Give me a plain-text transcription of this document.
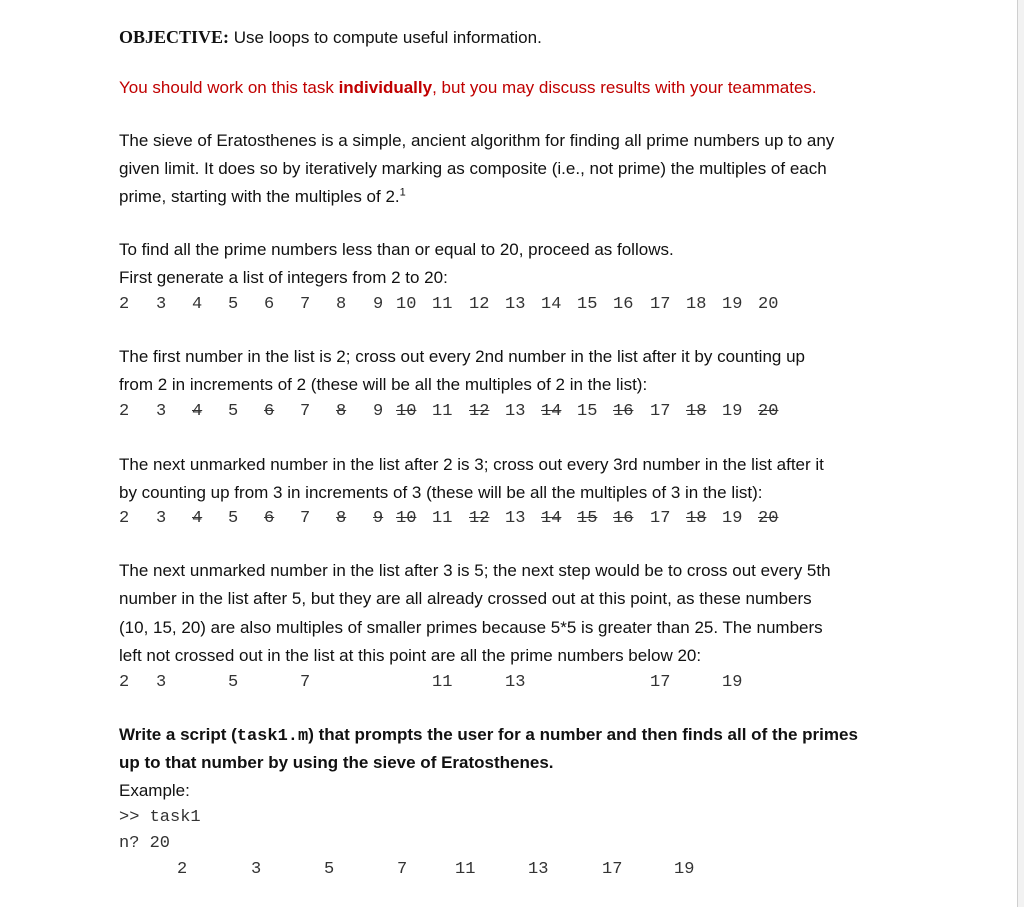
OBJECTIVE: Use loops to compute useful information.
You should work on this task individually, but you may discuss results with your teammates.
The sieve of Eratosthenes is a simple, ancient algorithm for finding all prime numbers up to any
given limit. It does so by iteratively marking as composite (i.e., not prime) the multiples of each
prime, starting with the multiples of 2.$^1$
To find all the prime numbers less than or equal to 20, proceed as follows.
First generate a list of integers from 2 to 20:
2 3 4 5 6 7 8 9 10 11 12 13 14 15 16 17 18 19 20
The first number in the list is 2; cross out every 2nd number in the list after it by counting up
from 2 in increments of 2 (these will be all the multiples of 2 in the list):
2 3 4 5 6 7 8 9 10 11 12 13 14 15 16 17 18 19 20
The next unmarked number in the list after 2 is 3; cross out every 3rd number in the list after it
by counting up from 3 in increments of 3 (these will be all the multiples of 3 in the list):
2 3 4 5 6 7 8 9 10 11 12 13 14 15 16 17 18 19 20
The next unmarked number in the list after 3 is 5; the next step would be to cross out every 5th
number in the list after 5, but they are all already crossed out at this point, as these numbers
(10, 15, 20) are also multiples of smaller primes because 5*5 is greater than 25. The numbers
left not crossed out in the list at this point are all the prime numbers below 20:
2 3	5	7	11	13	17	19
Write a script (task1.m) that prompts the user for a number and then finds all of the primes
up to that number by using the sieve of Eratosthenes.
Example:
>> task1
n? 20
2	3	5	7	11	13	17	19
